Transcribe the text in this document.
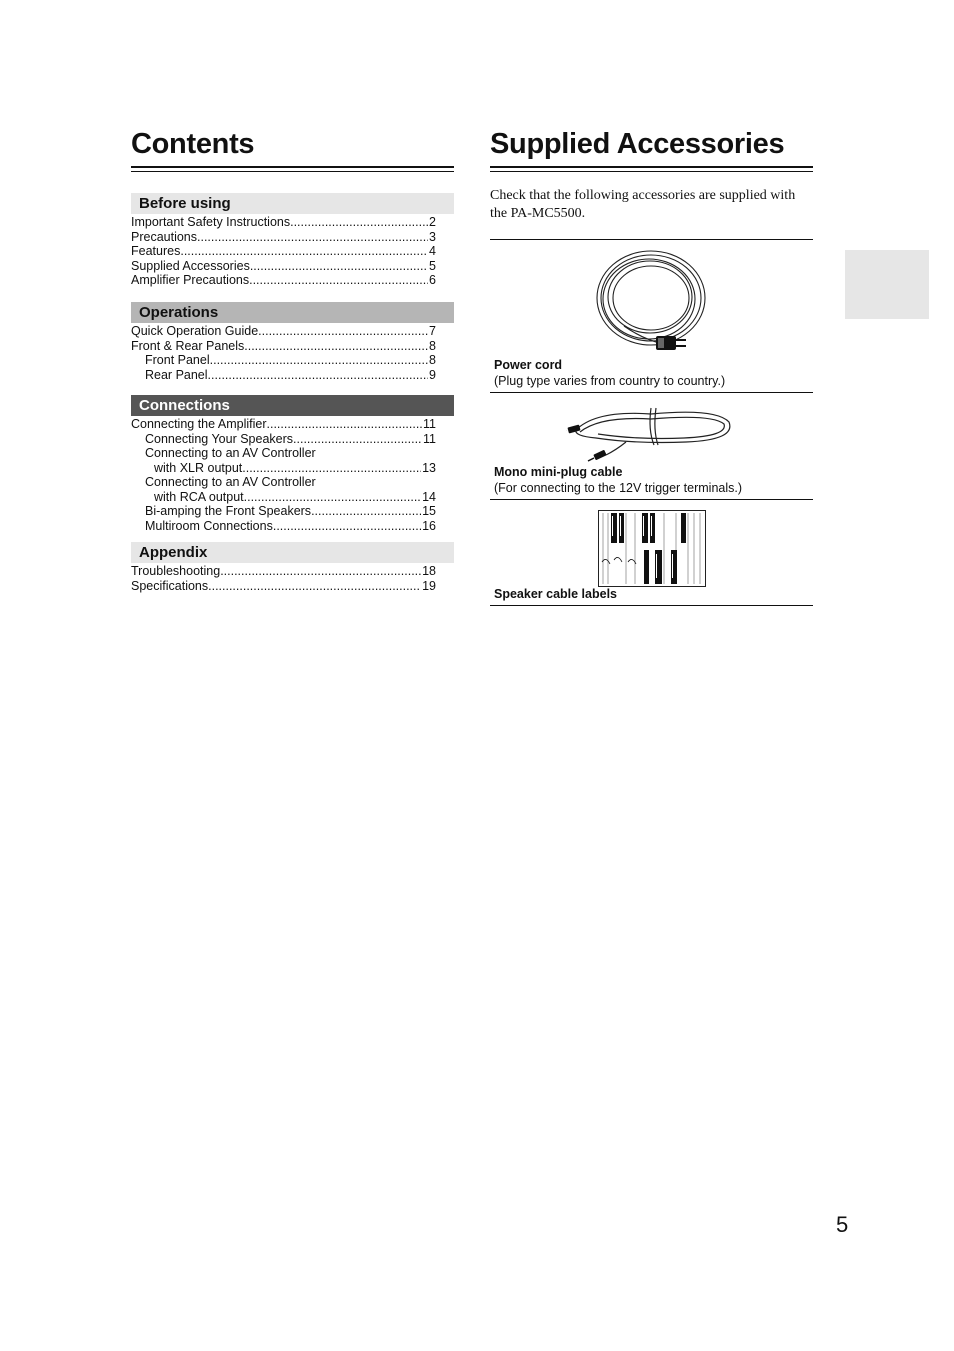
Contents
Before using
Important Safety Instructions .....	2
Precautions .....	3
Features .....	4
Supplied Accessories .....	5
Amplifier Precautions .....	6
Operations
Quick Operation Guide .....	7
Front & Rear Panels .....	8
Front Panel .....	8
Rear Panel .....	9
Connections
Connecting the Amplifier .....	11
Connecting Your Speakers .....	11
Connecting to an AV Controller
with XLR output .....	13
Connecting to an AV Controller
with RCA output .....	14
Bi-amping the Front Speakers .....	15
Multiroom Connections .....	16
Appendix
Troubleshooting .....	18
Specifications .....	19
Supplied Accessories

Check that the following accessories are supplied with the PA-MC5500.

Power cord
(Plug type varies from country to country.)
Mono mini-plug cable
(For connecting to the 12V trigger terminals.)
Speaker cable labels
5
